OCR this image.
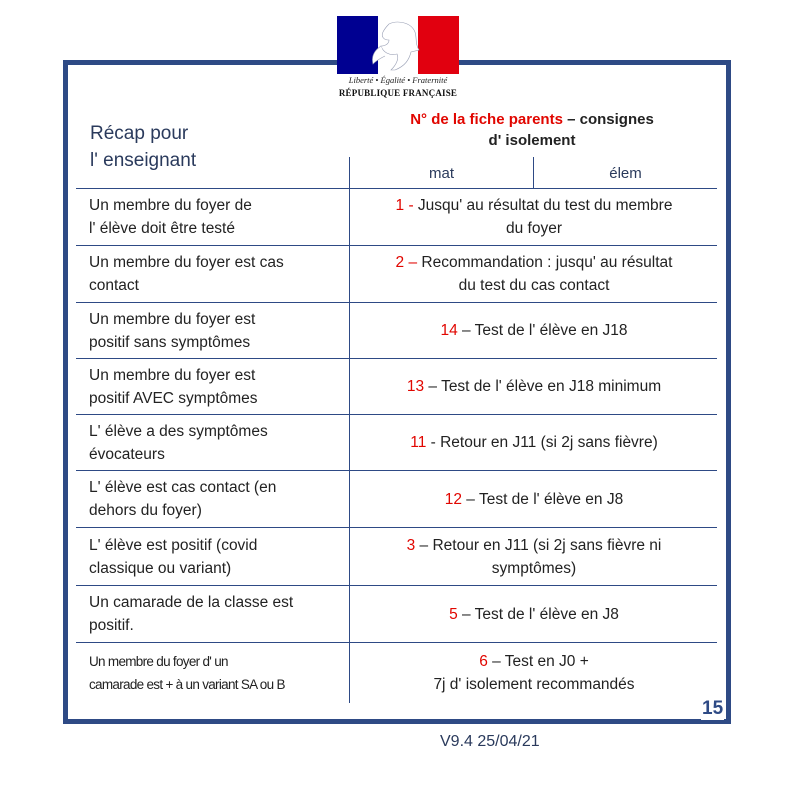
Liberté • Égalité • Fraternité
RÉPUBLIQUE FRANÇAISE
Récap pour
l' enseignant
N° de la fiche parents – consignes
d' isolement
mat	élem
Un membre du foyer de
l' élève doit être testé
1 - Jusqu' au résultat du test du membre
du foyer
Un membre du foyer est cas
contact
2 – Recommandation : jusqu' au résultat
du test du cas contact
Un membre du foyer est
positif sans symptômes
14 – Test de l' élève en J18
Un membre du foyer est
positif AVEC symptômes
13 – Test de l' élève en J18 minimum
L' élève a des symptômes
évocateurs
11 - Retour en J11 (si 2j sans fièvre)
L' élève est cas contact (en
dehors du foyer)
12 – Test de l' élève en J8
L' élève est positif (covid
classique ou variant)
3 – Retour en J11 (si 2j sans fièvre ni
symptômes)
Un camarade de la classe est
positif.
5 – Test de l' élève en J8
Un membre du foyer d' un
camarade est + à un variant SA ou B
6 – Test en J0 +
7j d' isolement recommandés
15
V9.4 25/04/21
